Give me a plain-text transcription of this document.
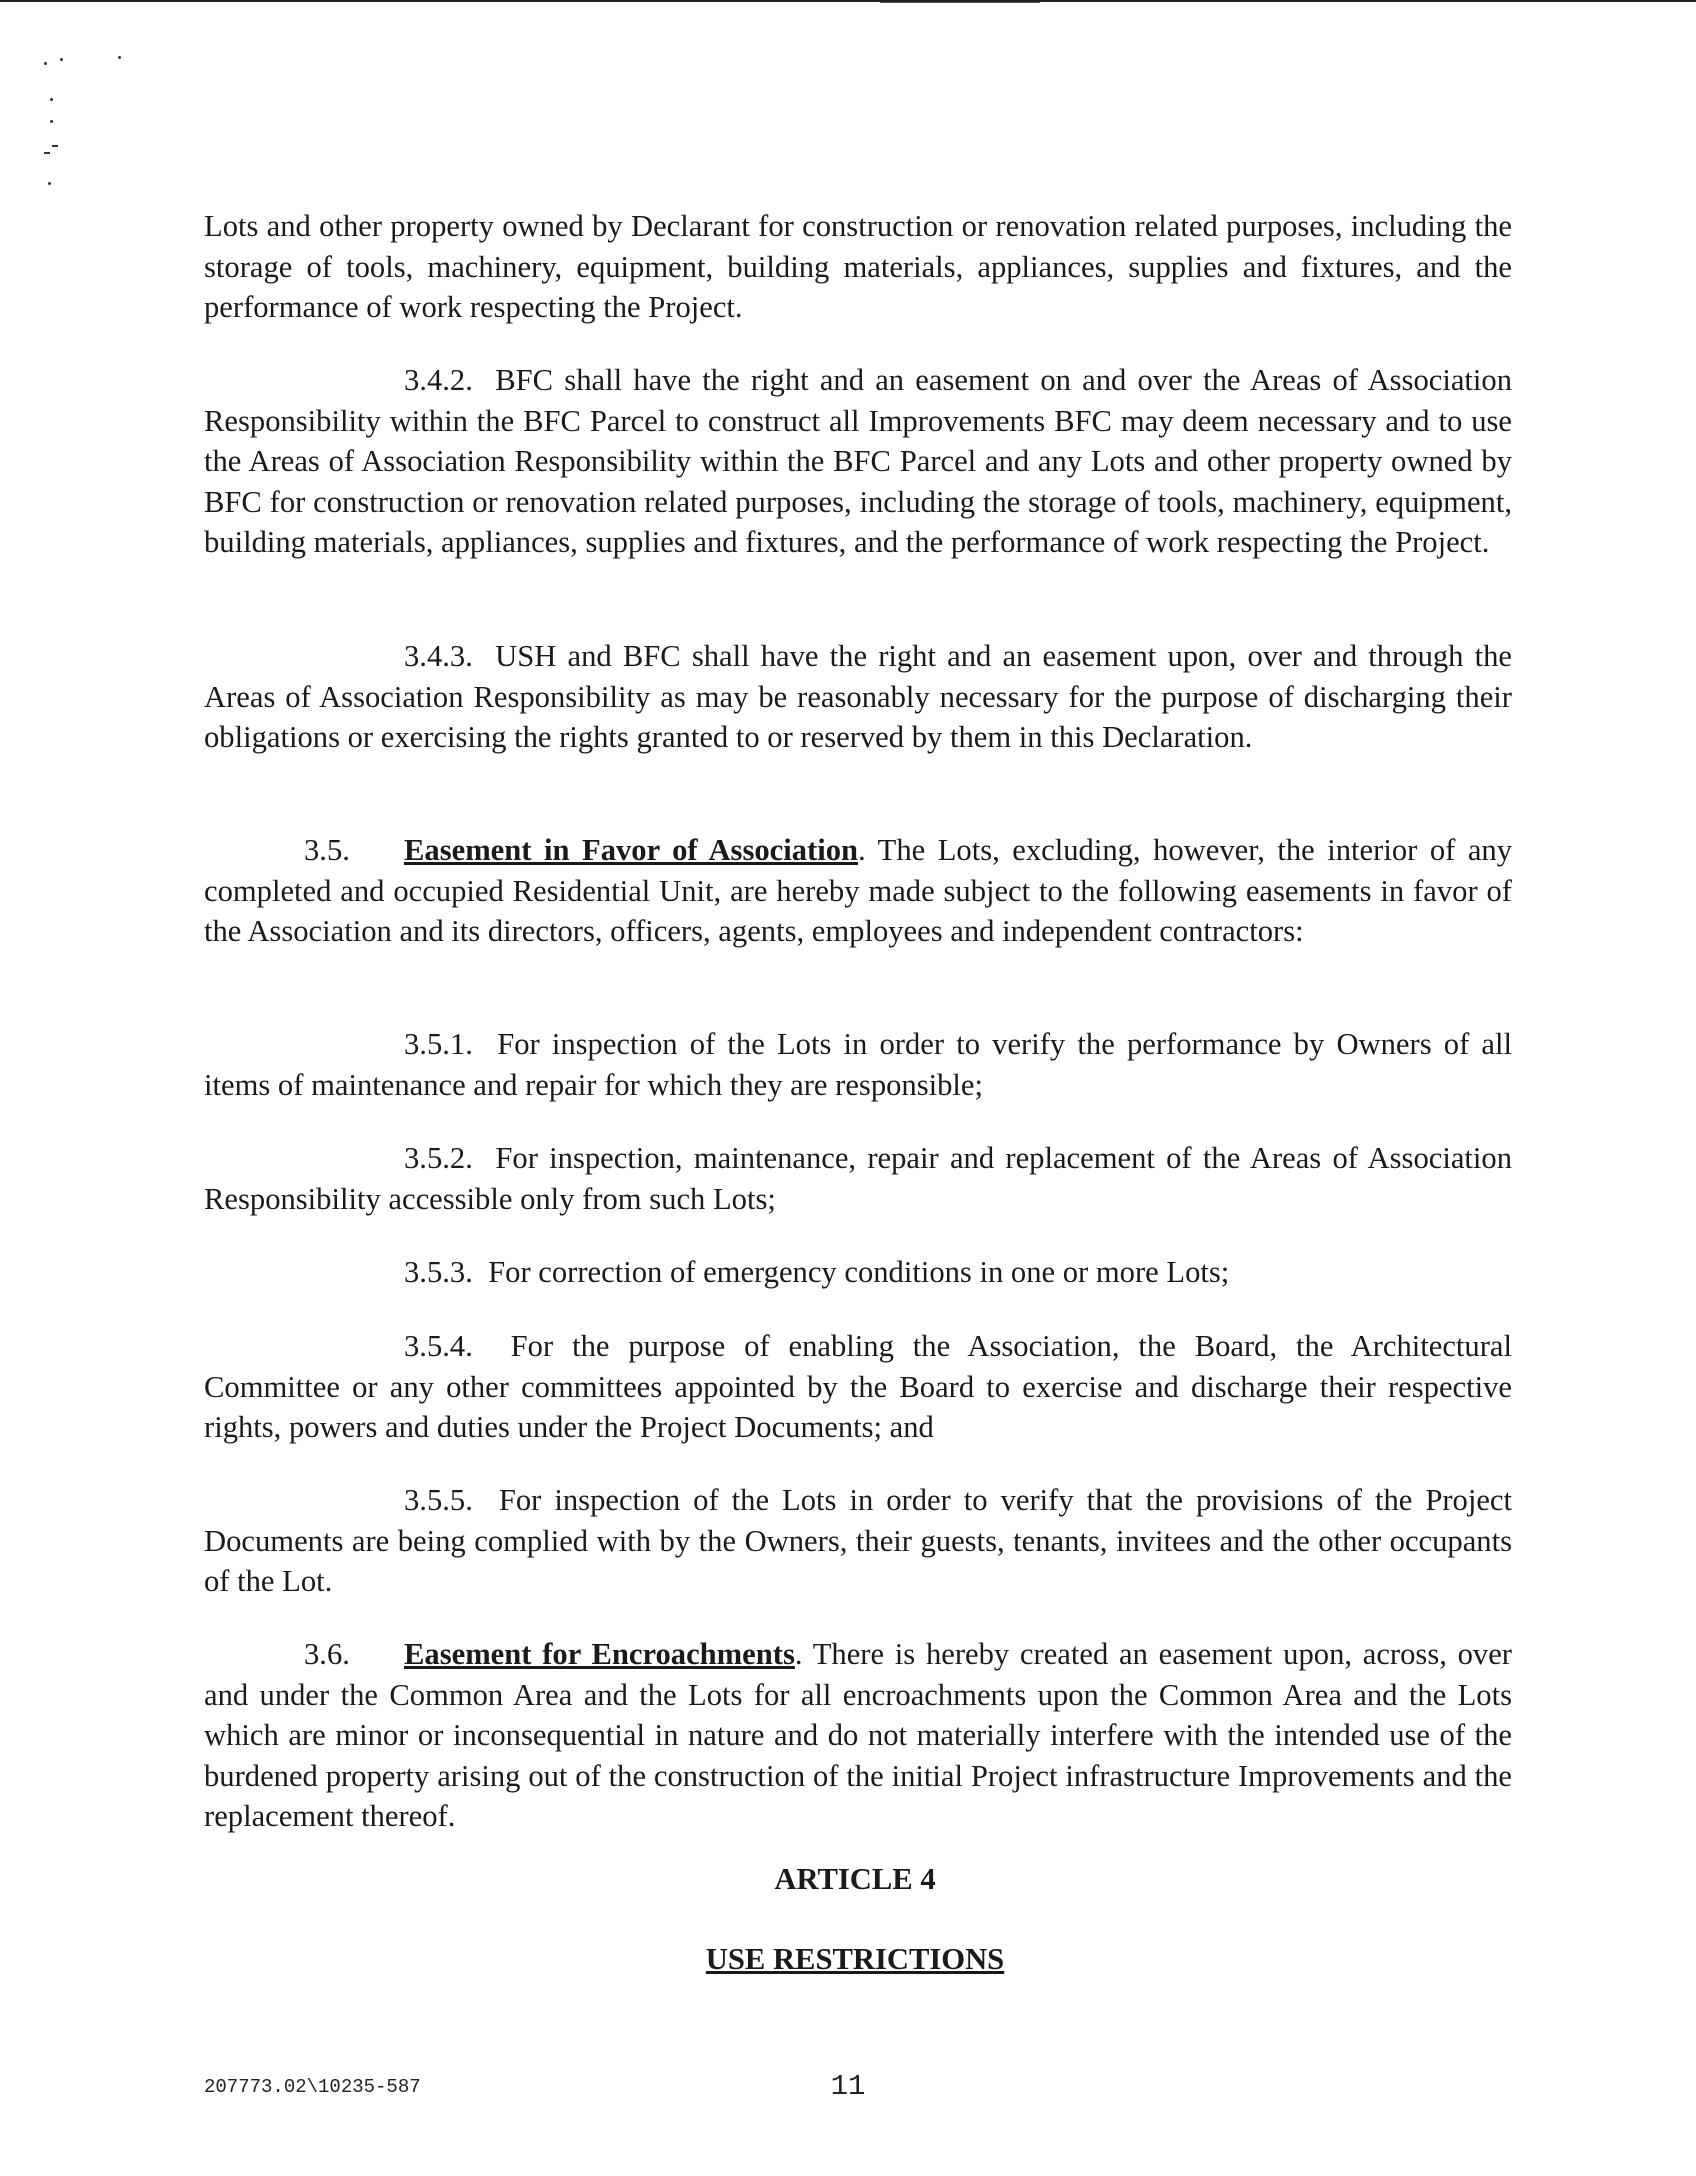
Lots and other property owned by Declarant for construction or renovation related purposes, including the storage of tools, machinery, equipment, building materials, appliances, supplies and fixtures, and the performance of work respecting the Project.

3.4.2. BFC shall have the right and an easement on and over the Areas of Association Responsibility within the BFC Parcel to construct all Improvements BFC may deem necessary and to use the Areas of Association Responsibility within the BFC Parcel and any Lots and other property owned by BFC for construction or renovation related purposes, including the storage of tools, machinery, equipment, building materials, appliances, supplies and fixtures, and the performance of work respecting the Project.

3.4.3. USH and BFC shall have the right and an easement upon, over and through the Areas of Association Responsibility as may be reasonably necessary for the purpose of discharging their obligations or exercising the rights granted to or reserved by them in this Declaration.

3.5. Easement in Favor of Association. The Lots, excluding, however, the interior of any completed and occupied Residential Unit, are hereby made subject to the following easements in favor of the Association and its directors, officers, agents, employees and independent contractors:

3.5.1. For inspection of the Lots in order to verify the performance by Owners of all items of maintenance and repair for which they are responsible;

3.5.2. For inspection, maintenance, repair and replacement of the Areas of Association Responsibility accessible only from such Lots;

3.5.3. For correction of emergency conditions in one or more Lots;

3.5.4. For the purpose of enabling the Association, the Board, the Architectural Committee or any other committees appointed by the Board to exercise and discharge their respective rights, powers and duties under the Project Documents; and

3.5.5. For inspection of the Lots in order to verify that the provisions of the Project Documents are being complied with by the Owners, their guests, tenants, invitees and the other occupants of the Lot.

3.6. Easement for Encroachments. There is hereby created an easement upon, across, over and under the Common Area and the Lots for all encroachments upon the Common Area and the Lots which are minor or inconsequential in nature and do not materially interfere with the intended use of the burdened property arising out of the construction of the initial Project infrastructure Improvements and the replacement thereof.

ARTICLE 4
USE RESTRICTIONS
207773.02\10235-587	11
